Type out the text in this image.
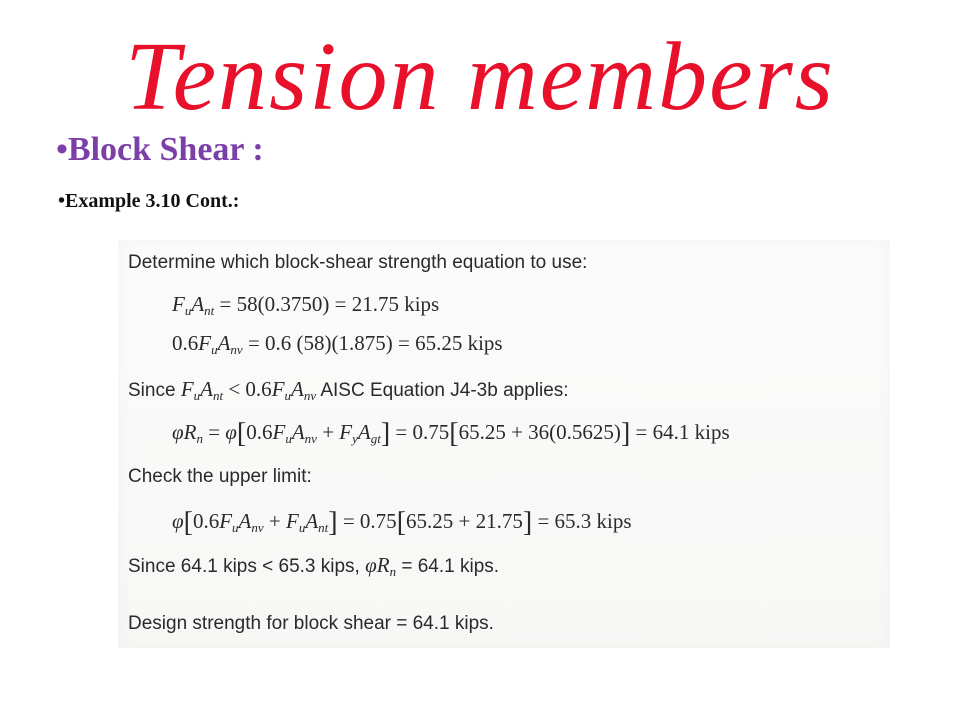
Tension members
•Block Shear :
•Example 3.10 Cont.:
Determine which block-shear strength equation to use:
$F_uA_{nt} = 58(0.3750) = 21.75$ kips
$0.6F_uA_{nv} = 0.6$ (58)(1.875) = 65.25 kips
Since $F_uA_{nt} < 0.6F_uA_{nv}$ AISC Equation J4-3b applies:
$\varphi R_n = \varphi[0.6F_uA_{nv} + F_yA_{gt}] = 0.75[65.25 + 36(0.5625)] = 64.1$ kips
Check the upper limit:
$\varphi[0.6F_uA_{nv} + F_uA_{nt}] = 0.75[65.25 + 21.75] = 65.3$ kips
Since 64.1 kips < 65.3 kips, $\varphi R_n = 64.1$ kips.
Design strength for block shear = 64.1 kips.
